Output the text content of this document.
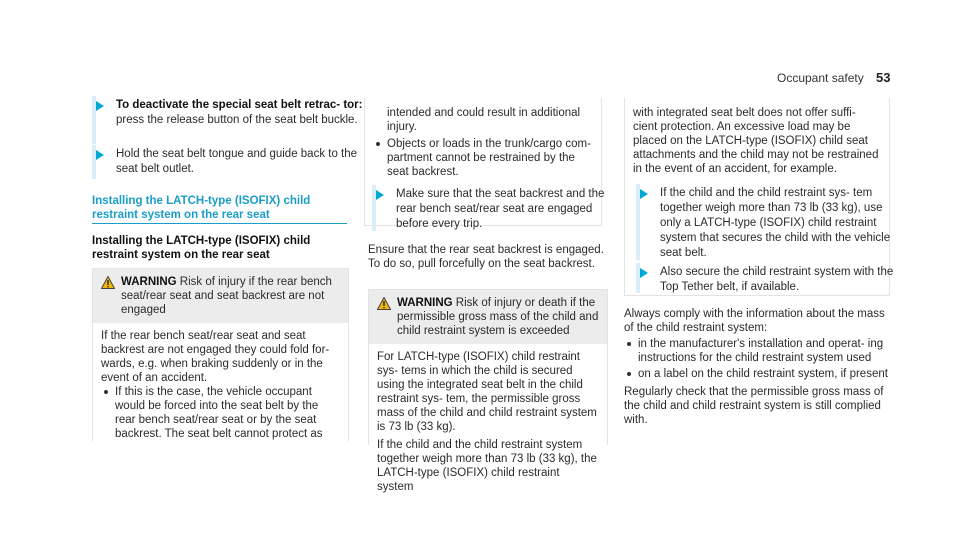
Occupant safety 53
To deactivate the special seat belt retrac- tor: press the release button of the seat belt buckle.
Hold the seat belt tongue and guide back to the seat belt outlet.
Installing the LATCH-type (ISOFIX) child restraint system on the rear seat
Installing the LATCH-type (ISOFIX) child restraint system on the rear seat
WARNING Risk of injury if the rear bench seat/rear seat and seat backrest are not engaged
If the rear bench seat/rear seat and seat backrest are not engaged they could fold for- wards, e.g. when braking suddenly or in the event of an accident.
If this is the case, the vehicle occupant would be forced into the seat belt by the rear bench seat/rear seat or by the seat backrest. The seat belt cannot protect as
intended and could result in additional injury.
Objects or loads in the trunk/cargo com- partment cannot be restrained by the seat backrest.
Make sure that the seat backrest and the rear bench seat/rear seat are engaged before every trip.
Ensure that the rear seat backrest is engaged. To do so, pull forcefully on the seat backrest.
WARNING Risk of injury or death if the permissible gross mass of the child and child restraint system is exceeded
For LATCH-type (ISOFIX) child restraint sys- tems in which the child is secured using the integrated seat belt in the child restraint sys- tem, the permissible gross mass of the child and child restraint system is 73 lb (33 kg).
If the child and the child restraint system together weigh more than 73 lb (33 kg), the LATCH-type (ISOFIX) child restraint system
with integrated seat belt does not offer suffi- cient protection. An excessive load may be placed on the LATCH-type (ISOFIX) child seat attachments and the child may not be restrained in the event of an accident, for example.
If the child and the child restraint sys- tem together weigh more than 73 lb (33 kg), use only a LATCH-type (ISOFIX) child restraint system that secures the child with the vehicle seat belt.
Also secure the child restraint system with the Top Tether belt, if available.
Always comply with the information about the mass of the child restraint system:
in the manufacturer's installation and operat- ing instructions for the child restraint system used
on a label on the child restraint system, if present
Regularly check that the permissible gross mass of the child and child restraint system is still complied with.
